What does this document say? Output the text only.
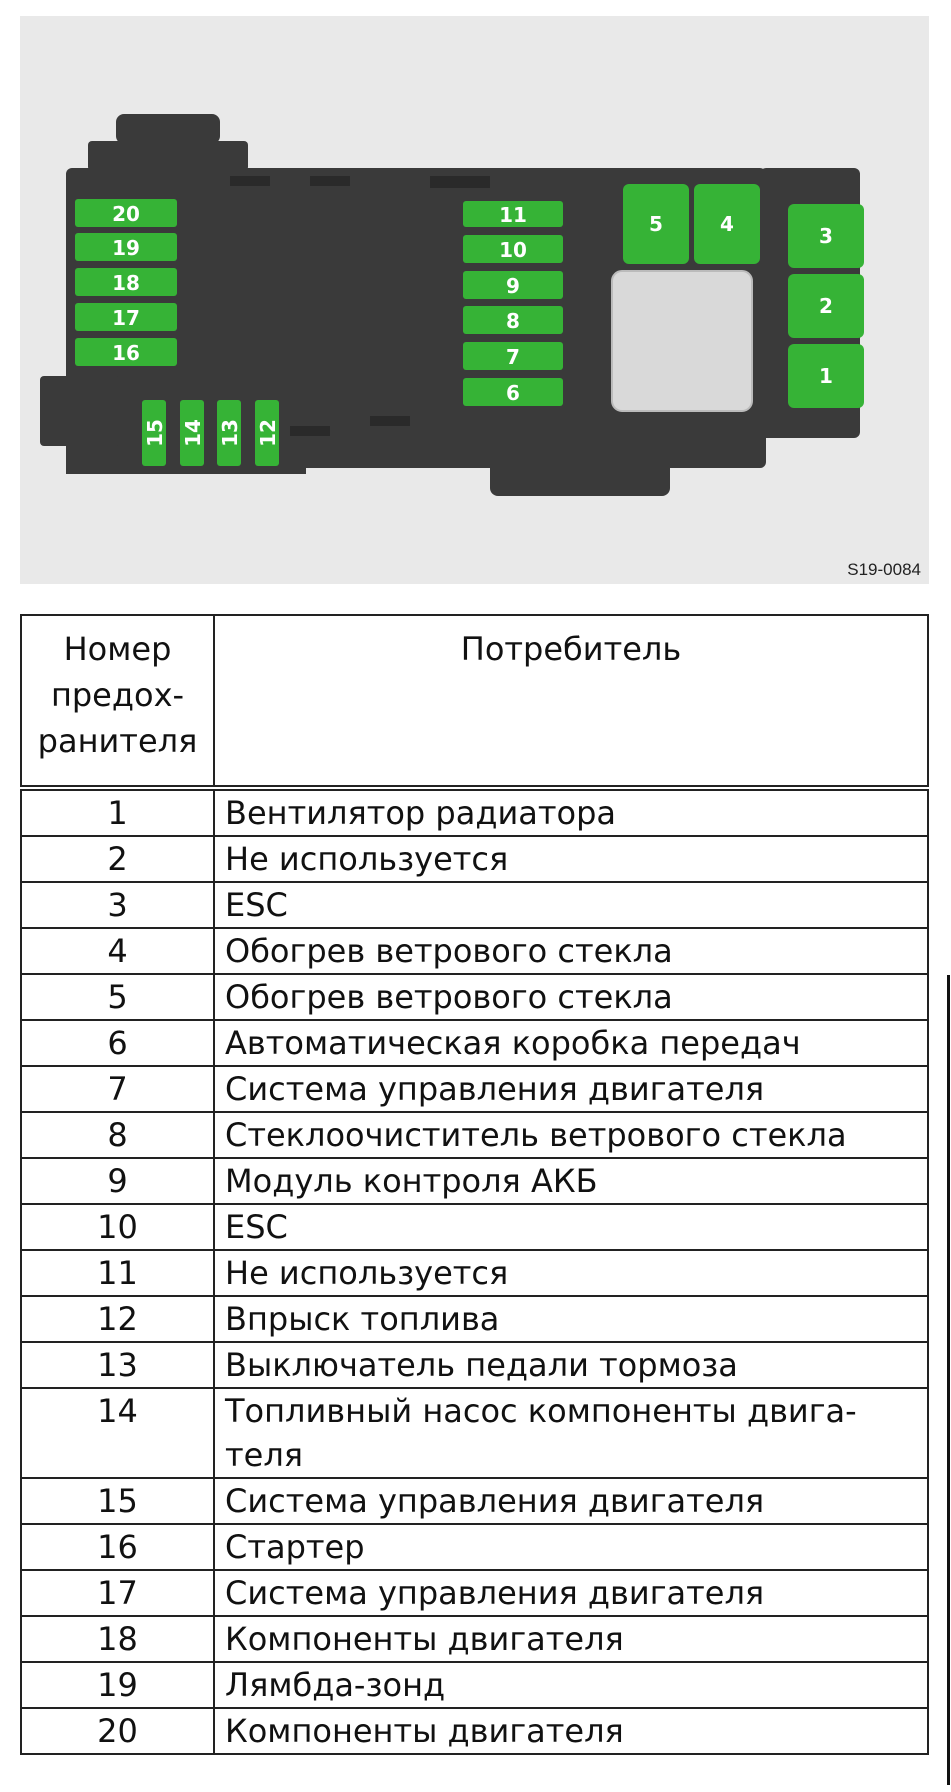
20
19
18
17
16
11
10
9
8
7
6
5	4	3
2
1
15 14 13 12
S19-0084
Номер
предох-
ранителя	Потребитель
1	Вентилятор радиатора
2	Не используется
3	ESC
4	Обогрев ветрового стекла
5	Обогрев ветрового стекла
6	Автоматическая коробка передач
7	Система управления двигателя
8	Стеклоочиститель ветрового стекла
9	Модуль контроля АКБ
10	ESC
11	Не используется
12	Впрыск топлива
13	Выключатель педали тормоза
14	Топливный насос компоненты двига-
теля
15	Система управления двигателя
16	Стартер
17	Система управления двигателя
18	Компоненты двигателя
19	Лямбда-зонд
20	Компоненты двигателя
